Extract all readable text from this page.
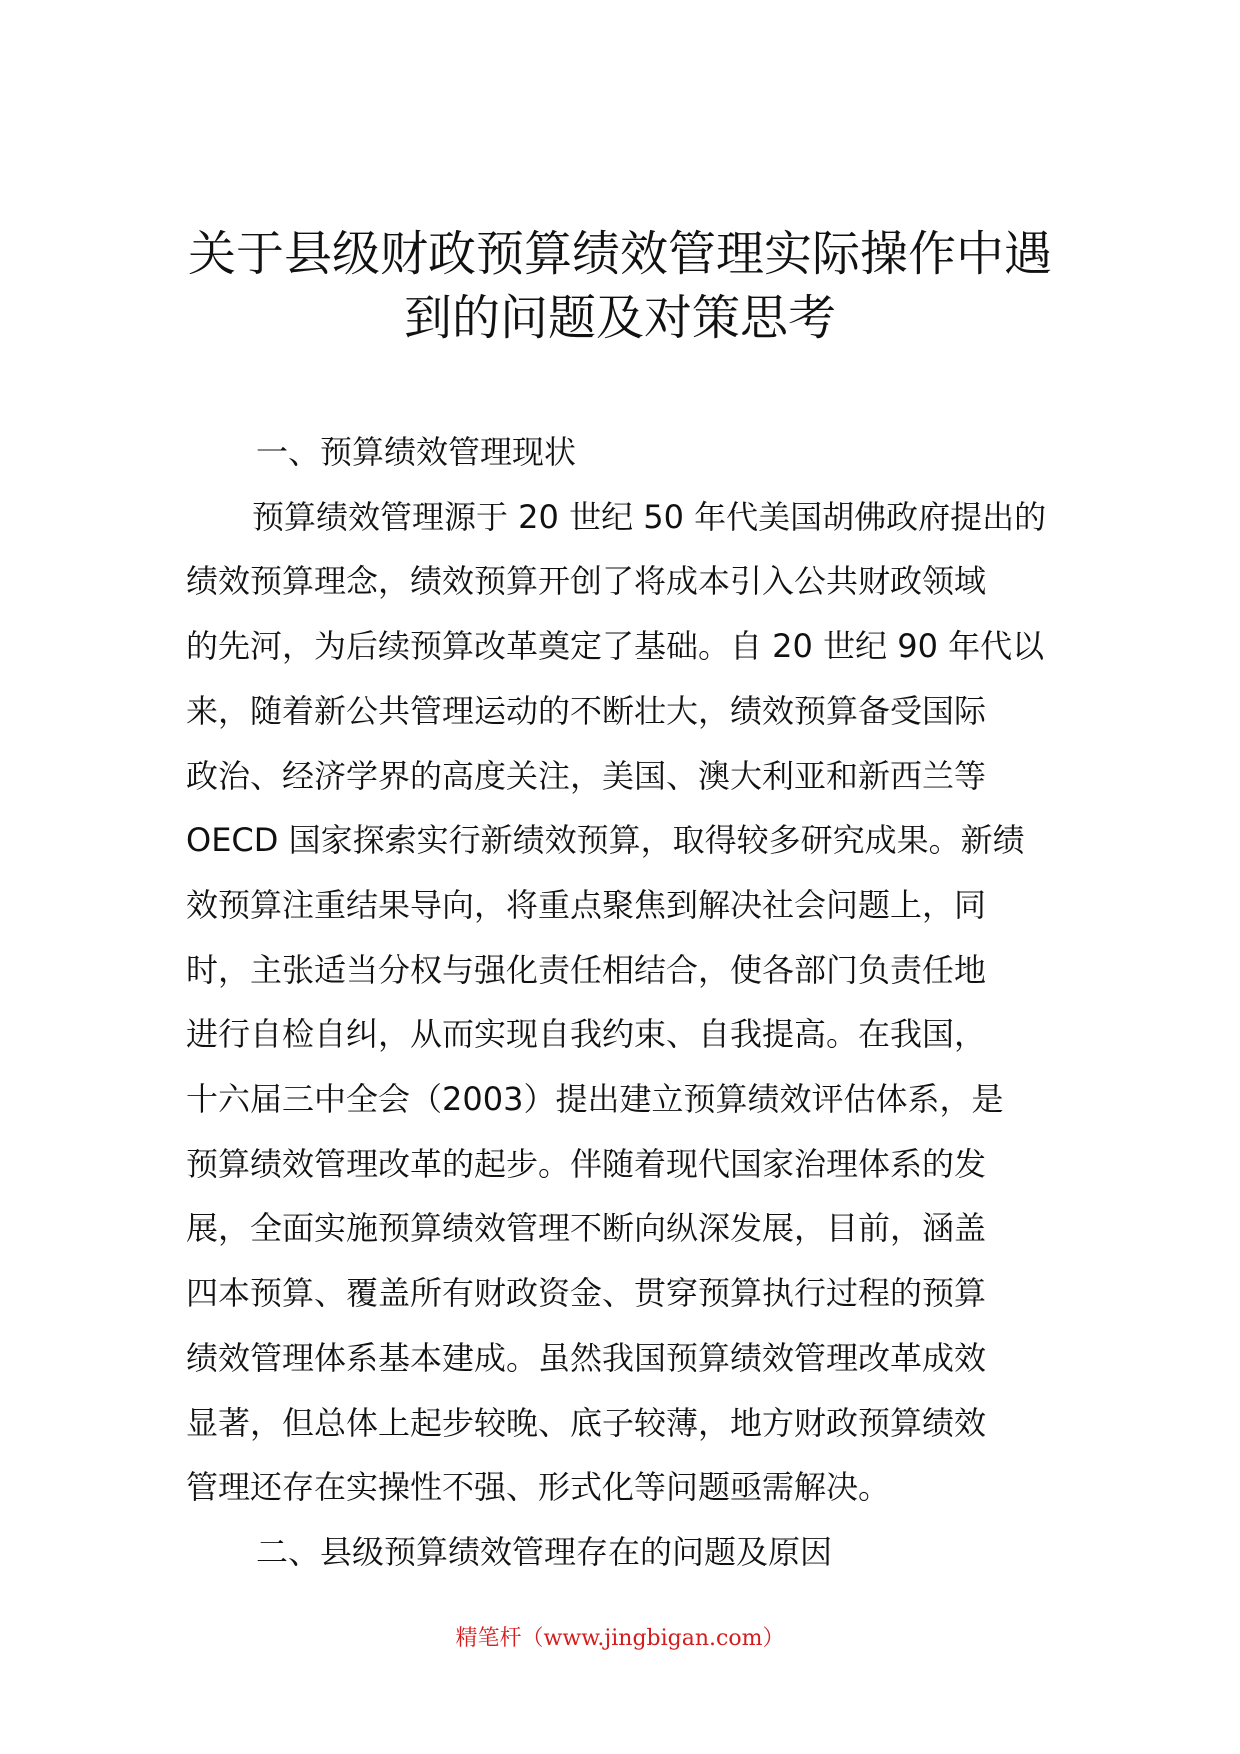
关于县级财政预算绩效管理实际操作中遇
到的问题及对策思考

一、预算绩效管理现状

预算绩效管理源于 20 世纪 50 年代美国胡佛政府提出的

绩效预算理念，绩效预算开创了将成本引入公共财政领域

的先河，为后续预算改革奠定了基础。自 20 世纪 90 年代以

来，随着新公共管理运动的不断壮大，绩效预算备受国际

政治、经济学界的高度关注，美国、澳大利亚和新西兰等

OECD 国家探索实行新绩效预算，取得较多研究成果。新绩

效预算注重结果导向，将重点聚焦到解决社会问题上，同

时，主张适当分权与强化责任相结合，使各部门负责任地

进行自检自纠，从而实现自我约束、自我提高。在我国，

十六届三中全会（2003）提出建立预算绩效评估体系，是

预算绩效管理改革的起步。伴随着现代国家治理体系的发

展，全面实施预算绩效管理不断向纵深发展，目前，涵盖

四本预算、覆盖所有财政资金、贯穿预算执行过程的预算

绩效管理体系基本建成。虽然我国预算绩效管理改革成效

显著，但总体上起步较晚、底子较薄，地方财政预算绩效

管理还存在实操性不强、形式化等问题亟需解决。

二、县级预算绩效管理存在的问题及原因

精笔杆（www.jingbigan.com）
